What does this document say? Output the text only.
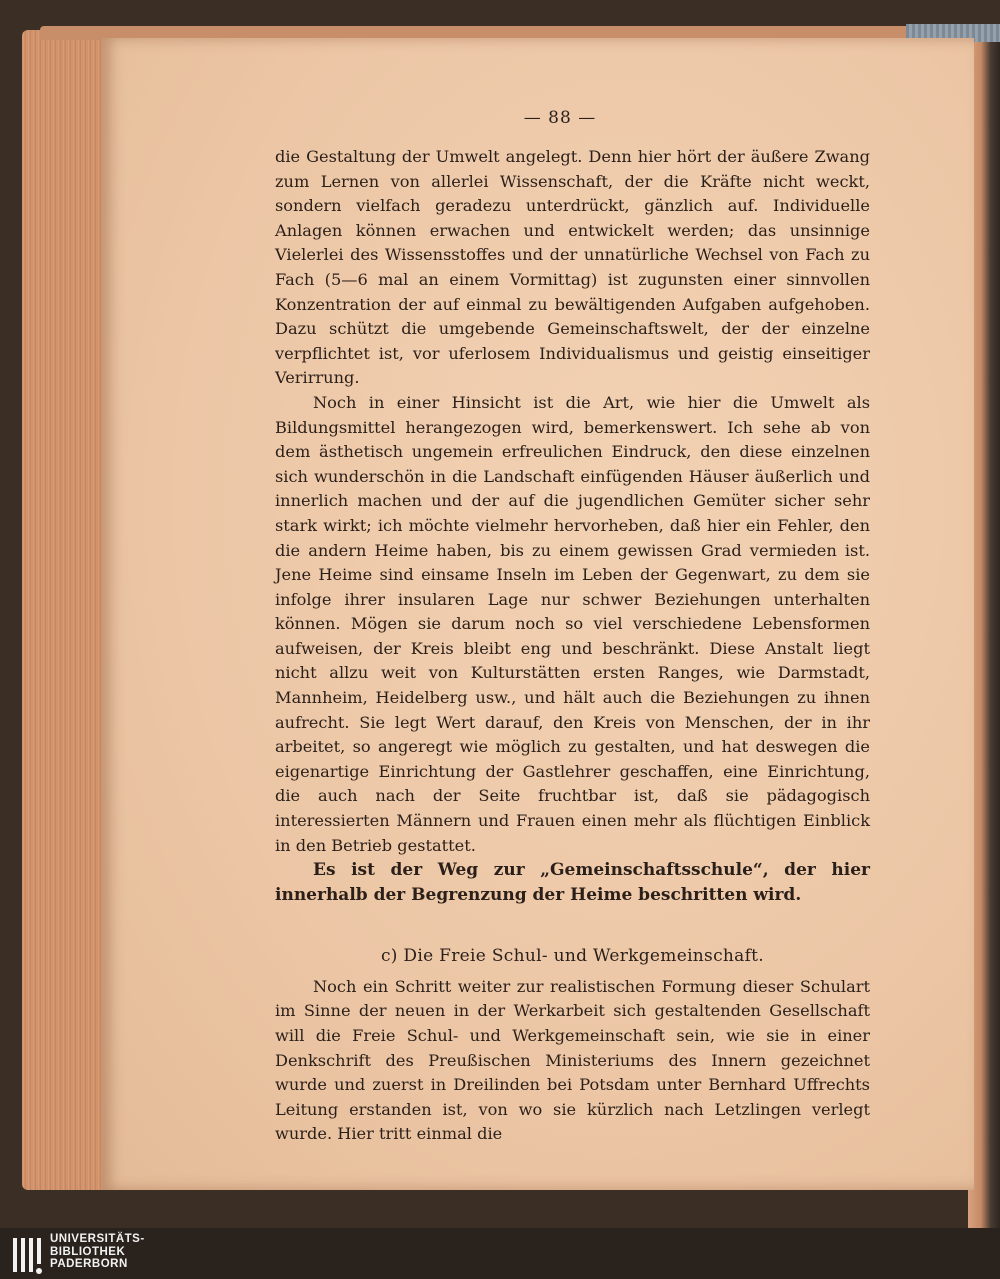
— 88 —

die Gestaltung der Umwelt angelegt. Denn hier hört der äußere Zwang zum Lernen von allerlei Wissenschaft, der die Kräfte nicht weckt, sondern vielfach geradezu unterdrückt, gänzlich auf. Individuelle Anlagen können erwachen und entwickelt werden; das unsinnige Vielerlei des Wissensstoffes und der unnatürliche Wechsel von Fach zu Fach (5—6 mal an einem Vormittag) ist zugunsten einer sinnvollen Konzentration der auf einmal zu bewältigenden Aufgaben aufgehoben. Dazu schützt die umgebende Gemeinschaftswelt, der der einzelne verpflichtet ist, vor uferlosem Individualismus und geistig einseitiger Verirrung.

Noch in einer Hinsicht ist die Art, wie hier die Umwelt als Bildungsmittel herangezogen wird, bemerkenswert. Ich sehe ab von dem ästhetisch ungemein erfreulichen Eindruck, den diese einzelnen sich wunderschön in die Landschaft einfügenden Häuser äußerlich und innerlich machen und der auf die jugendlichen Gemüter sicher sehr stark wirkt; ich möchte vielmehr hervorheben, daß hier ein Fehler, den die andern Heime haben, bis zu einem gewissen Grad vermieden ist. Jene Heime sind einsame Inseln im Leben der Gegenwart, zu dem sie infolge ihrer insularen Lage nur schwer Beziehungen unterhalten können. Mögen sie darum noch so viel verschiedene Lebensformen aufweisen, der Kreis bleibt eng und beschränkt. Diese Anstalt liegt nicht allzu weit von Kulturstätten ersten Ranges, wie Darmstadt, Mannheim, Heidelberg usw., und hält auch die Beziehungen zu ihnen aufrecht. Sie legt Wert darauf, den Kreis von Menschen, der in ihr arbeitet, so angeregt wie möglich zu gestalten, und hat deswegen die eigenartige Einrichtung der Gastlehrer geschaffen, eine Einrichtung, die auch nach der Seite fruchtbar ist, daß sie pädagogisch interessierten Männern und Frauen einen mehr als flüchtigen Einblick in den Betrieb gestattet.

Es ist der Weg zur „Gemeinschaftsschule“, der hier innerhalb der Begrenzung der Heime beschritten wird.

c) Die Freie Schul- und Werkgemeinschaft.

Noch ein Schritt weiter zur realistischen Formung dieser Schulart im Sinne der neuen in der Werkarbeit sich gestaltenden Gesellschaft will die Freie Schul- und Werkgemeinschaft sein, wie sie in einer Denkschrift des Preußischen Ministeriums des Innern gezeichnet wurde und zuerst in Dreilinden bei Potsdam unter Bernhard Uffrechts Leitung erstanden ist, von wo sie kürzlich nach Letzlingen verlegt wurde. Hier tritt einmal die

UNIVERSITÄTS-
BIBLIOTHEK
PADERBORN
